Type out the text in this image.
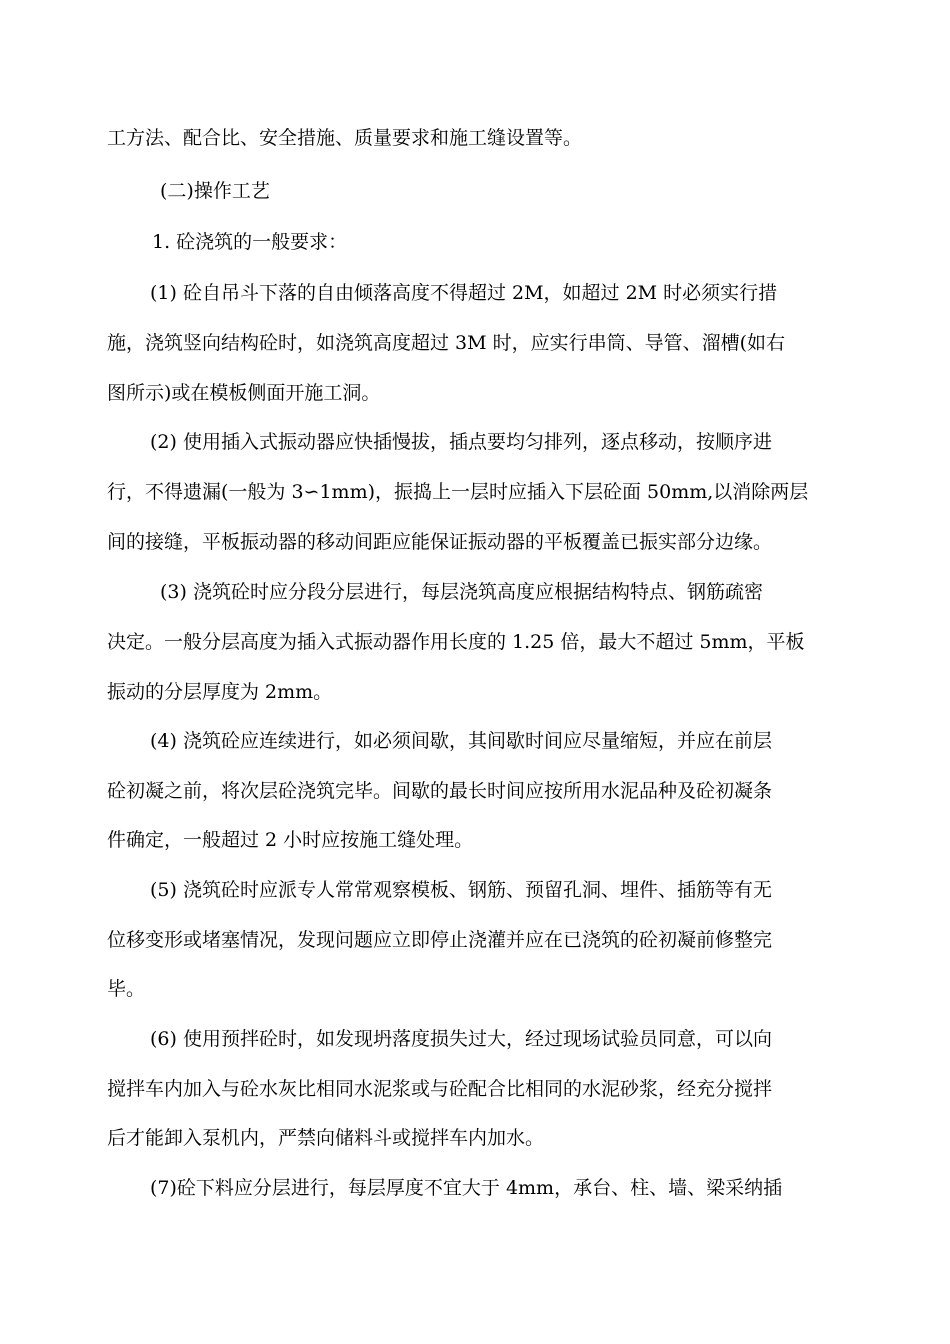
工方法、配合比、安全措施、质量要求和施工缝设置等。
(二)操作工艺
1. 砼浇筑的一般要求：
(1) 砼自吊斗下落的自由倾落高度不得超过 2M，如超过 2M 时必须实行措
施，浇筑竖向结构砼时，如浇筑高度超过 3M 时，应实行串筒、导管、溜槽(如右
图所示)或在模板侧面开施工洞。
(2) 使用插入式振动器应快插慢拔，插点要均匀排列，逐点移动，按顺序进
行，不得遗漏(一般为 3∽1mm)，振捣上一层时应插入下层砼面 50mm,以消除两层
间的接缝，平板振动器的移动间距应能保证振动器的平板覆盖已振实部分边缘。
(3) 浇筑砼时应分段分层进行，每层浇筑高度应根据结构特点、钢筋疏密
决定。一般分层高度为插入式振动器作用长度的 1.25 倍，最大不超过 5mm，平板
振动的分层厚度为 2mm。
(4) 浇筑砼应连续进行，如必须间歇，其间歇时间应尽量缩短，并应在前层
砼初凝之前，将次层砼浇筑完毕。间歇的最长时间应按所用水泥品种及砼初凝条
件确定，一般超过 2 小时应按施工缝处理。
(5) 浇筑砼时应派专人常常观察模板、钢筋、预留孔洞、埋件、插筋等有无
位移变形或堵塞情况，发现问题应立即停止浇灌并应在已浇筑的砼初凝前修整完
毕。
(6) 使用预拌砼时，如发现坍落度损失过大，经过现场试验员同意，可以向
搅拌车内加入与砼水灰比相同水泥浆或与砼配合比相同的水泥砂浆，经充分搅拌
后才能卸入泵机内，严禁向储料斗或搅拌车内加水。
(7)砼下料应分层进行，每层厚度不宜大于 4mm，承台、柱、墙、梁采纳插
